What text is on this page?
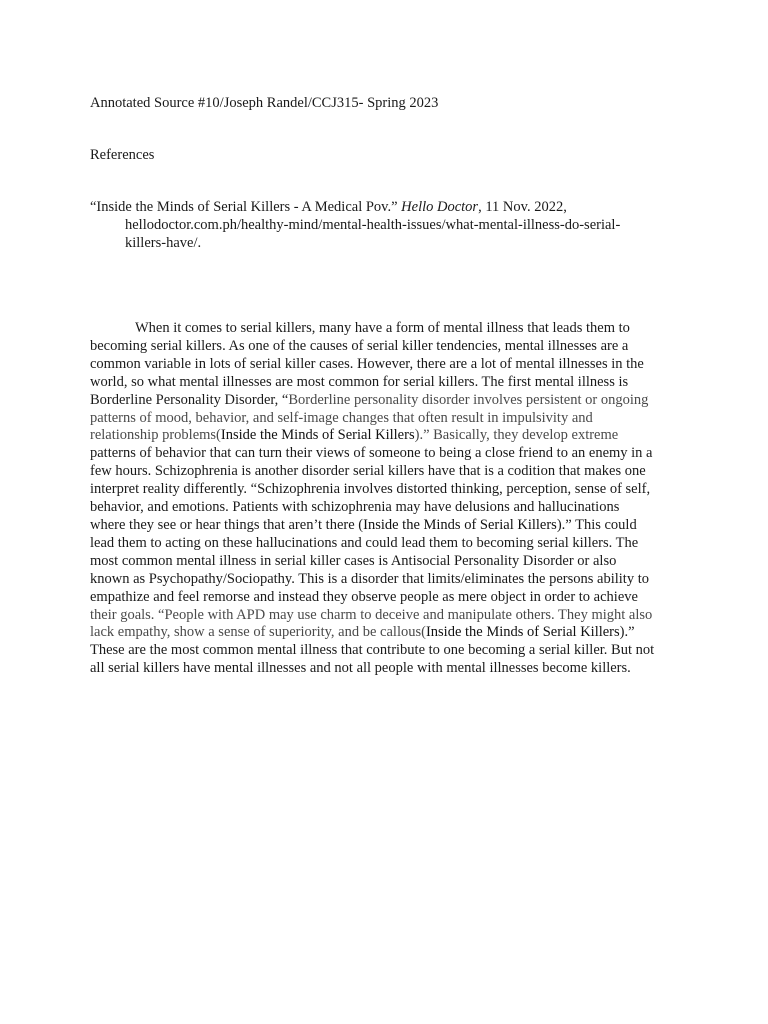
Annotated Source #10/Joseph Randel/CCJ315- Spring 2023
References
“Inside the Minds of Serial Killers - A Medical Pov.” Hello Doctor, 11 Nov. 2022,
hellodoctor.com.ph/healthy-mind/mental-health-issues/what-mental-illness-do-serial-
killers-have/.
When it comes to serial killers, many have a form of mental illness that leads them to
becoming serial killers. As one of the causes of serial killer tendencies, mental illnesses are a
common variable in lots of serial killer cases. However, there are a lot of mental illnesses in the
world, so what mental illnesses are most common for serial killers. The first mental illness is
Borderline Personality Disorder, “Borderline personality disorder involves persistent or ongoing
patterns of mood, behavior, and self-image changes that often result in impulsivity and
relationship problems(Inside the Minds of Serial Killers).” Basically, they develop extreme
patterns of behavior that can turn their views of someone to being a close friend to an enemy in a
few hours. Schizophrenia is another disorder serial killers have that is a codition that makes one
interpret reality differently. “Schizophrenia involves distorted thinking, perception, sense of self,
behavior, and emotions. Patients with schizophrenia may have delusions and hallucinations
where they see or hear things that aren’t there (Inside the Minds of Serial Killers).” This could
lead them to acting on these hallucinations and could lead them to becoming serial killers. The
most common mental illness in serial killer cases is Antisocial Personality Disorder or also
known as Psychopathy/Sociopathy. This is a disorder that limits/eliminates the persons ability to
empathize and feel remorse and instead they observe people as mere object in order to achieve
their goals. “People with APD may use charm to deceive and manipulate others. They might also
lack empathy, show a sense of superiority, and be callous(Inside the Minds of Serial Killers).”
These are the most common mental illness that contribute to one becoming a serial killer. But not
all serial killers have mental illnesses and not all people with mental illnesses become killers.
